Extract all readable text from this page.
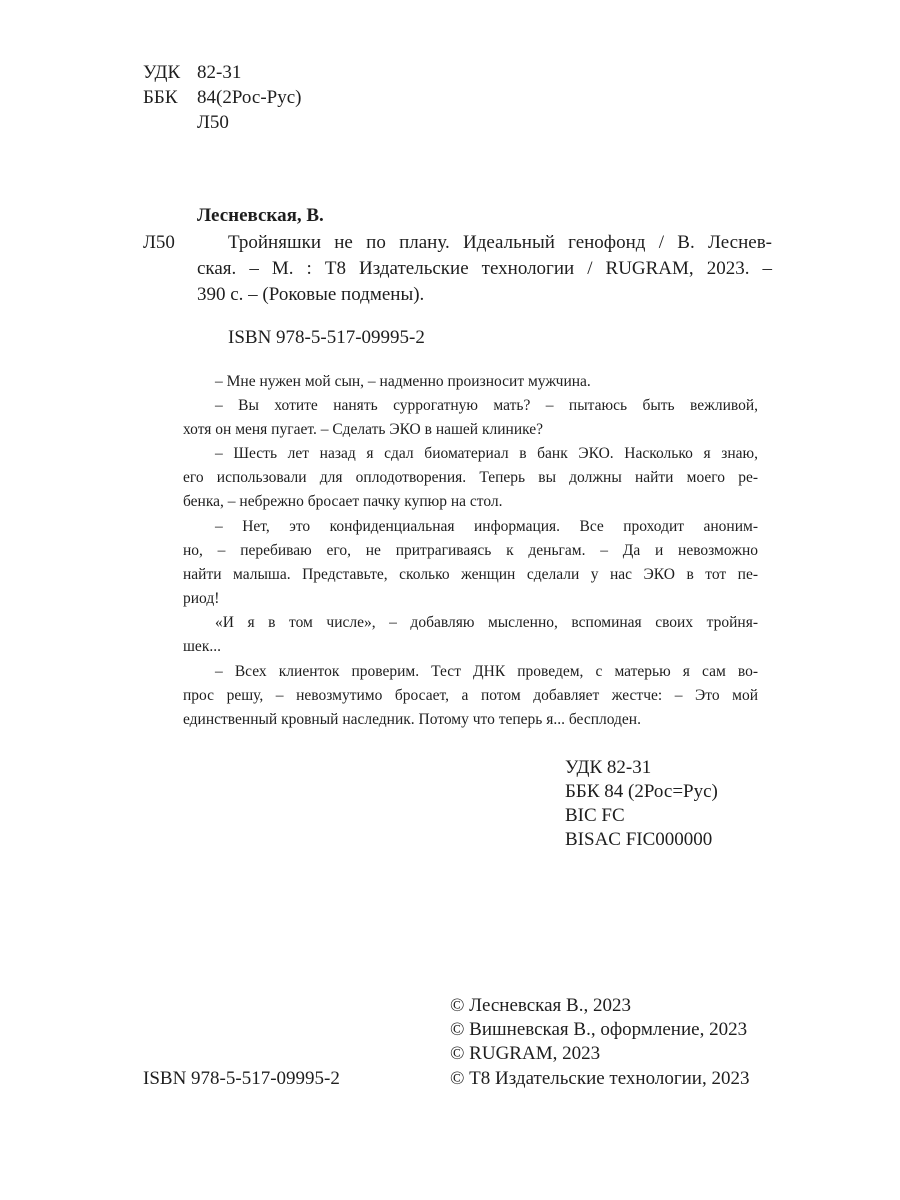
УДК 82-31
ББК 84(2Рос-Рус)
Л50
Лесневская, В.
Л50	Тройняшки не по плану. Идеальный генофонд / В. Леснев-
ская. – М. : Т8 Издательские технологии / RUGRAM, 2023. –
390 с. – (Роковые подмены).
ISBN 978-5-517-09995-2
– Мне нужен мой сын, – надменно произносит мужчина.
– Вы хотите нанять суррогатную мать? – пытаюсь быть вежливой,
хотя он меня пугает. – Сделать ЭКО в нашей клинике?
– Шесть лет назад я сдал биоматериал в банк ЭКО. Насколько я знаю,
его использовали для оплодотворения. Теперь вы должны найти моего ре-
бенка, – небрежно бросает пачку купюр на стол.
– Нет, это конфиденциальная информация. Все проходит аноним-
но, – перебиваю его, не притрагиваясь к деньгам. – Да и невозможно
найти малыша. Представьте, сколько женщин сделали у нас ЭКО в тот пе-
риод!
«И я в том числе», – добавляю мысленно, вспоминая своих тройня-
шек...
– Всех клиенток проверим. Тест ДНК проведем, с матерью я сам во-
прос решу, – невозмутимо бросает, а потом добавляет жестче: – Это мой
единственный кровный наследник. Потому что теперь я... бесплоден.
УДК 82-31
ББК 84 (2Рос=Рус)
BIC FC
BISAC FIC000000
© Лесневская В., 2023
© Вишневская В., оформление, 2023
© RUGRAM, 2023
© Т8 Издательские технологии, 2023
ISBN 978-5-517-09995-2
